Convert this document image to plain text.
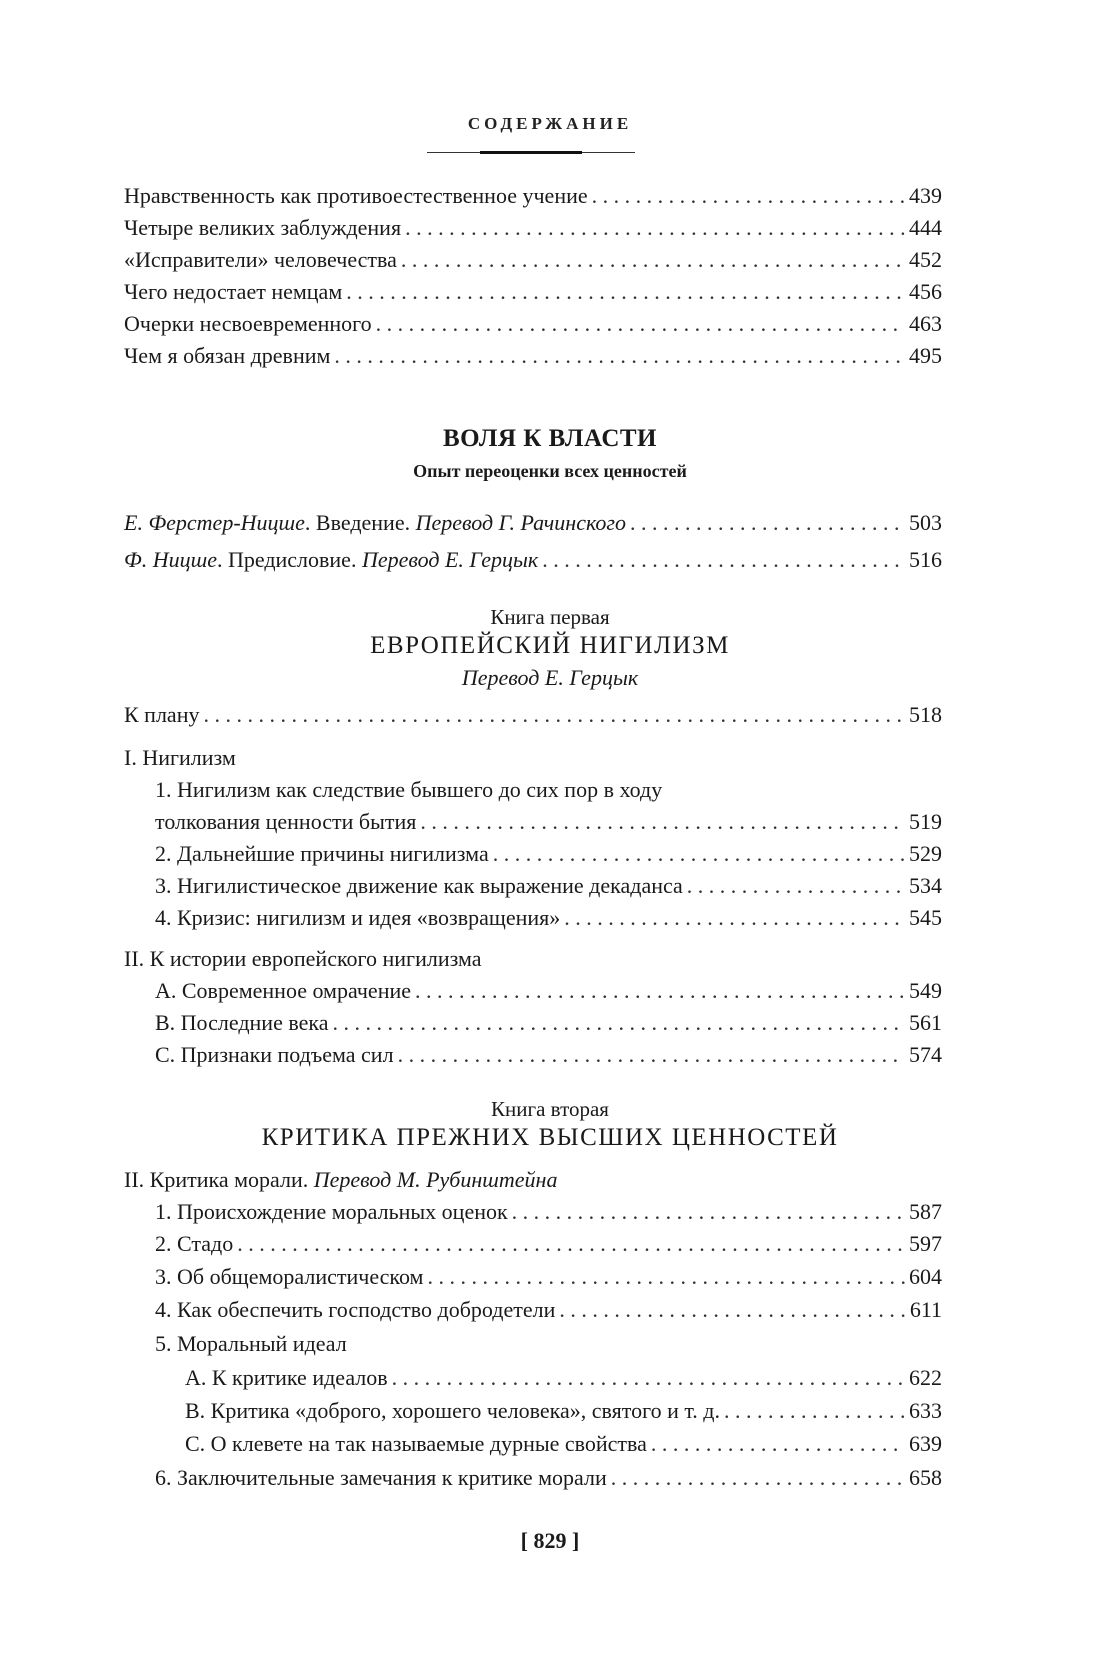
СОДЕРЖАНИЕ
Нравственность как противоестественное учение . . .	439
Четыре великих заблуждения . . .	444
«Исправители» человечества . . .	452
Чего недостает немцам . . .	456
Очерки несвоевременного . . .	463
Чем я обязан древним . . .	495
ВОЛЯ К ВЛАСТИ
Опыт переоценки всех ценностей
Е. Ферстер-Ницше. Введение. Перевод Г. Рачинского . . .	503
Ф. Ницше. Предисловие. Перевод Е. Герцык . . .	516
Книга первая
ЕВРОПЕЙСКИЙ НИГИЛИЗМ
Перевод Е. Герцык
К плану . . .	518
I. Нигилизм
1. Нигилизм как следствие бывшего до сих пор в ходу
толкования ценности бытия . . .	519
2. Дальнейшие причины нигилизма . . .	529
3. Нигилистическое движение как выражение декаданса . . .	534
4. Кризис: нигилизм и идея «возвращения» . . .	545
II. К истории европейского нигилизма
A. Современное омрачение . . .	549
B. Последние века . . .	561
C. Признаки подъема сил . . .	574
Книга вторая
КРИТИКА ПРЕЖНИХ ВЫСШИХ ЦЕННОСТЕЙ
II. Критика морали. Перевод М. Рубинштейна
1. Происхождение моральных оценок . . .	587
2. Стадо . . .	597
3. Об общеморалистическом . . .	604
4. Как обеспечить господство добродетели . . .	611
5. Моральный идеал
A. К критике идеалов . . .	622
B. Критика «доброго, хорошего человека», святого и т. д. . . .	633
C. О клевете на так называемые дурные свойства . . .	639
6. Заключительные замечания к критике морали . . .	658
[ 829 ]
